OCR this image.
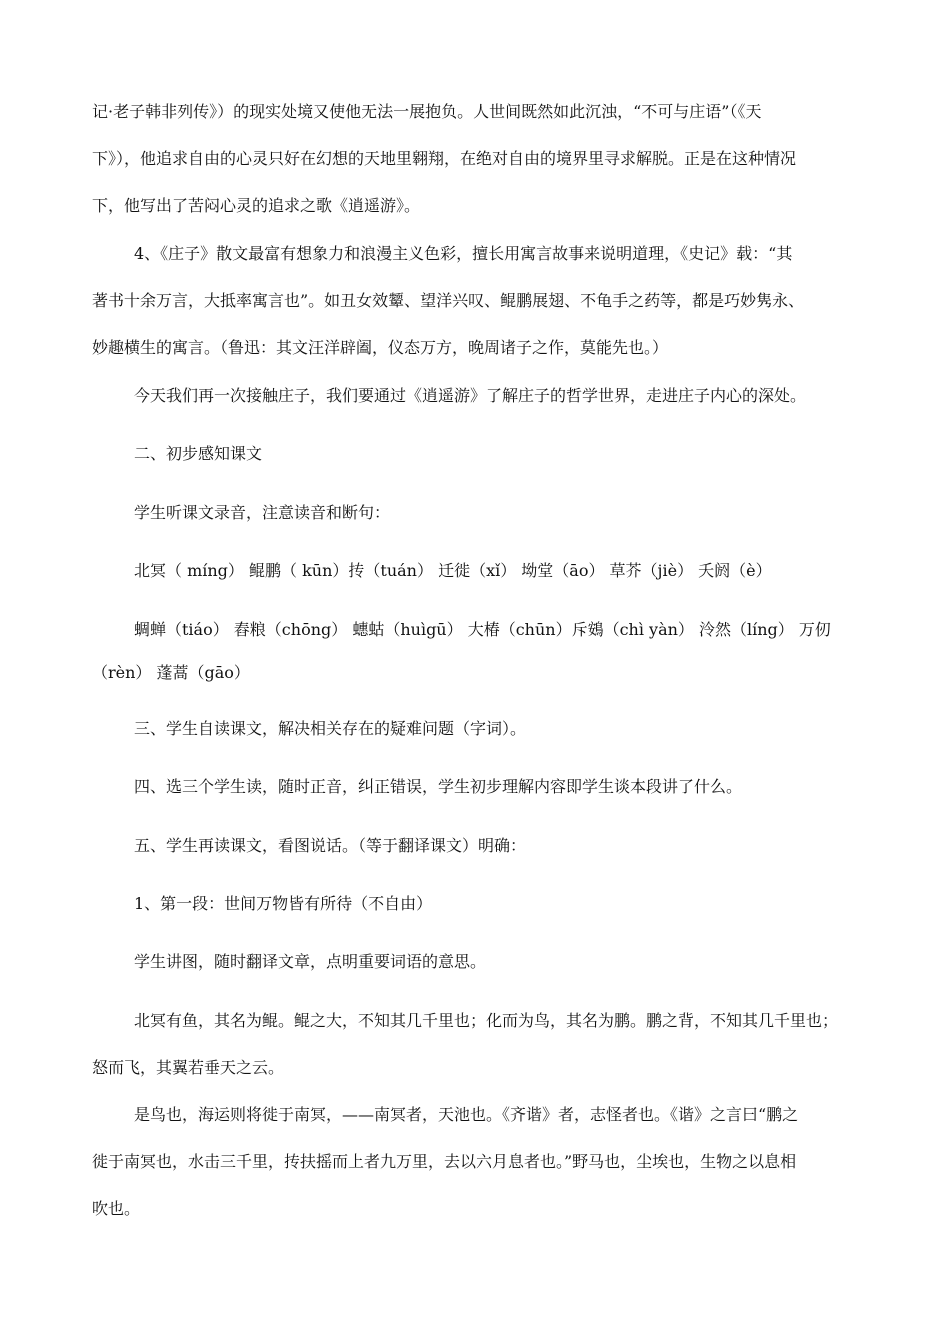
记·老子韩非列传》）的现实处境又使他无法一展抱负。人世间既然如此沉浊，“不可与庄语”（《天
下》），他追求自由的心灵只好在幻想的天地里翱翔，在绝对自由的境界里寻求解脱。正是在这种情况
下，他写出了苦闷心灵的追求之歌《逍遥游》。
4、《庄子》散文最富有想象力和浪漫主义色彩，擅长用寓言故事来说明道理，《史记》载：“其
著书十余万言，大抵率寓言也”。如丑女效颦、望洋兴叹、鲲鹏展翅、不龟手之药等，都是巧妙隽永、
妙趣横生的寓言。（鲁迅：其文汪洋辟阖，仪态万方，晚周诸子之作，莫能先也。）
今天我们再一次接触庄子，我们要通过《逍遥游》了解庄子的哲学世界，走进庄子内心的深处。
二、初步感知课文
学生听课文录音，注意读音和断句：
北冥（ míng） 鲲鹏（ kūn）抟（tuán） 迁徙（xǐ） 坳堂（āo） 草芥（jiè） 夭阏（è）
蜩蝉（tiáo） 舂粮（chōng） 蟪蛄（huìgū） 大椿（chūn）斥鴳（chì yàn） 泠然（líng） 万仞
（rèn） 蓬蒿（gāo）
三、学生自读课文，解决相关存在的疑难问题（字词）。
四、选三个学生读，随时正音，纠正错误，学生初步理解内容即学生谈本段讲了什么。
五、学生再读课文，看图说话。（等于翻译课文）明确：
1、第一段：世间万物皆有所待（不自由）
学生讲图，随时翻译文章，点明重要词语的意思。
北冥有鱼，其名为鲲。鲲之大，不知其几千里也；化而为鸟，其名为鹏。鹏之背，不知其几千里也；
怒而飞，其翼若垂天之云。
是鸟也，海运则将徙于南冥，——南冥者，天池也。《齐谐》者，志怪者也。《谐》之言曰“鹏之
徙于南冥也，水击三千里，抟扶摇而上者九万里，去以六月息者也。”野马也，尘埃也，生物之以息相
吹也。
